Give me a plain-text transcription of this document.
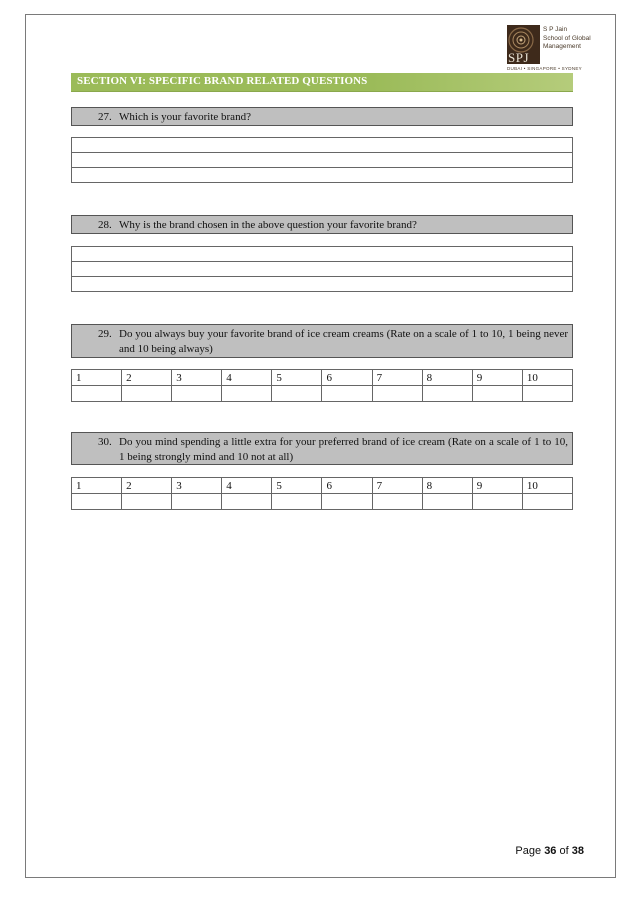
SPJ
S P Jain
School of Global
Management
DUBAI • SINGAPORE • SYDNEY
SECTION VI: SPECIFIC BRAND RELATED QUESTIONS
27. Which is your favorite brand?

28. Why is the brand chosen in the above question your favorite brand?

29. Do you always buy your favorite brand of ice cream creams (Rate on a scale of 1 to 10, 1 being never and 10 being always)
1	2	3	4	5	6	7	8	9	10

30. Do you mind spending a little extra for your preferred brand of ice cream (Rate on a scale of 1 to 10, 1 being strongly mind and 10 not at all)
1	2	3	4	5	6	7	8	9	10

Page 36 of 38
